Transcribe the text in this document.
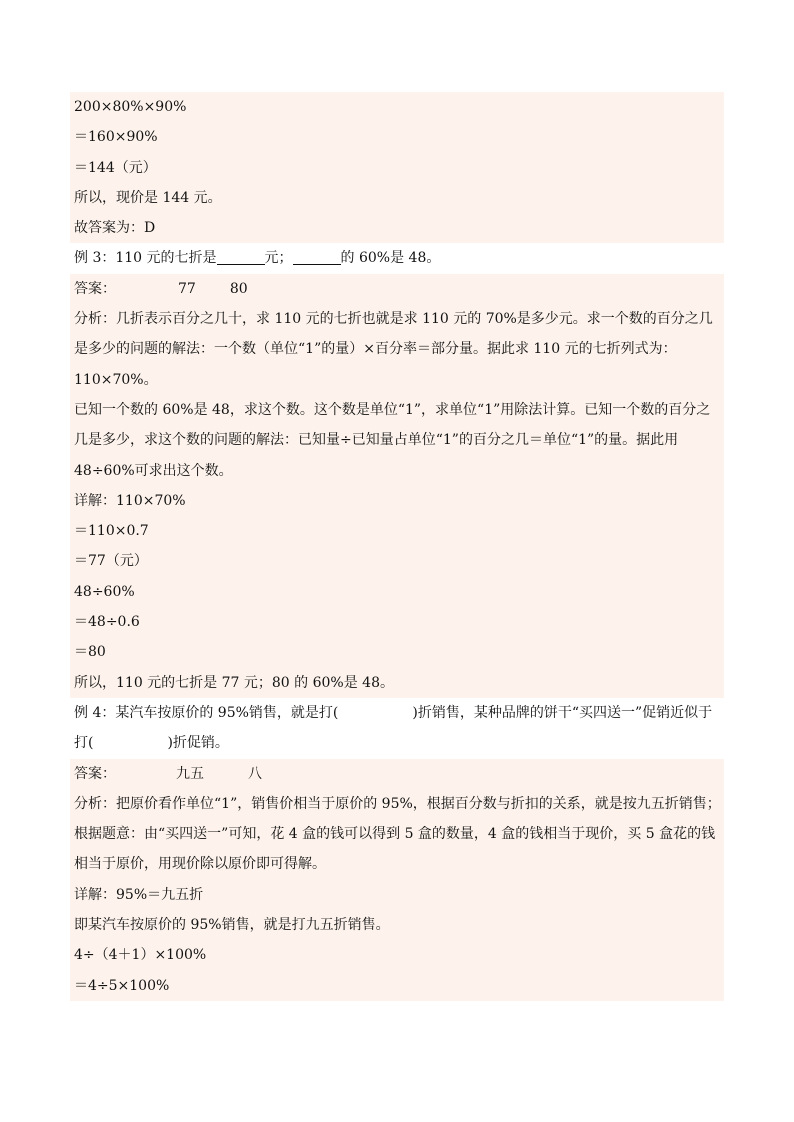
200×80%×90%
＝160×90%
＝144（元）
所以，现价是 144 元。
故答案为：D
例 3：110 元的七折是	元；	的 60%是 48。
答案：	77 80
分析：几折表示百分之几十，求 110 元的七折也就是求 110 元的 70%是多少元。求一个数的百分之几是多少的问题的解法：一个数（单位“1”的量）×百分率＝部分量。据此求 110 元的七折列式为：110×70%。
已知一个数的 60%是 48，求这个数。这个数是单位“1”，求单位“1”用除法计算。已知一个数的百分之几是多少，求这个数的问题的解法：已知量÷已知量占单位“1”的百分之几＝单位“1”的量。据此用 48÷60%可求出这个数。
详解：110×70%
＝110×0.7
＝77（元）
48÷60%
＝48÷0.6
＝80
所以，110 元的七折是 77 元；80 的 60%是 48。
例 4：某汽车按原价的 95%销售，就是打(	)折销售，某种品牌的饼干“买四送一”促销近似于打(	)折促销。
答案：	九五	八
分析：把原价看作单位“1”，销售价相当于原价的 95%，根据百分数与折扣的关系，就是按九五折销售；根据题意：由“买四送一”可知，花 4 盒的钱可以得到 5 盒的数量，4 盒的钱相当于现价，买 5 盒花的钱相当于原价，用现价除以原价即可得解。
详解：95%＝九五折
即某汽车按原价的 95%销售，就是打九五折销售。
4÷（4＋1）×100%
＝4÷5×100%
